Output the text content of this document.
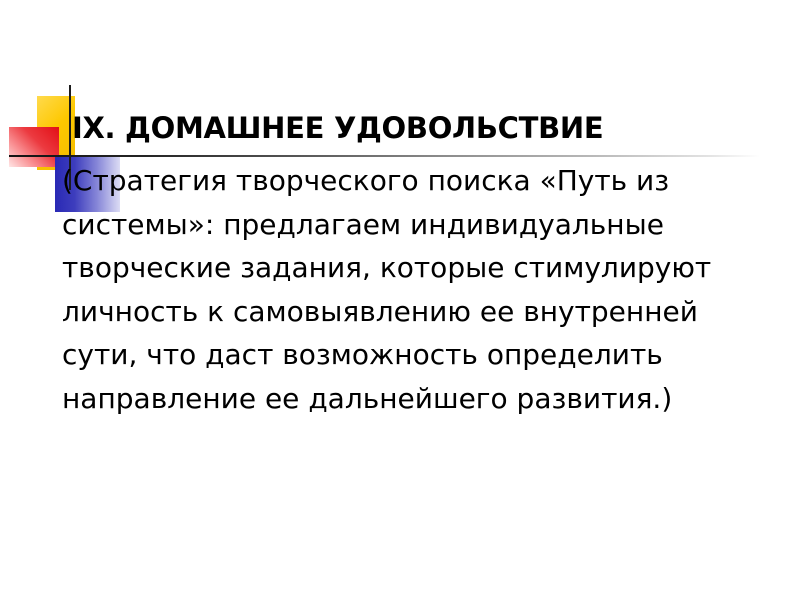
IX. ДОМАШНЕЕ УДОВОЛЬСТВИЕ
(Стратегия творческого поиска «Путь из
системы»: предлагаем индивидуальные
творческие задания, которые стимулируют
личность к самовыявлению ее внутренней
сути, что даст возможность определить
направление ее дальнейшего развития.)
